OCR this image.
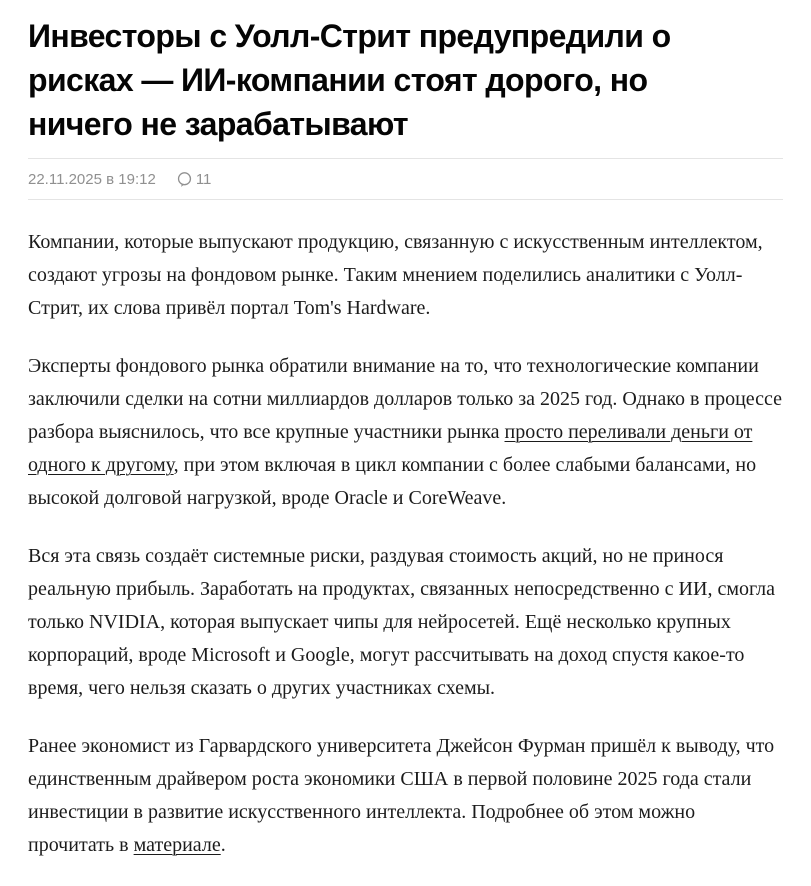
Инвесторы с Уолл-Стрит предупредили о рисках — ИИ-компании стоят дорого, но ничего не зарабатывают
22.11.2025 в 19:12	11

Компании, которые выпускают продукцию, связанную с искусственным интеллектом, создают угрозы на фондовом рынке. Таким мнением поделились аналитики с Уолл-Стрит, их слова привёл портал Tom's Hardware.

Эксперты фондового рынка обратили внимание на то, что технологические компании заключили сделки на сотни миллиардов долларов только за 2025 год. Однако в процессе разбора выяснилось, что все крупные участники рынка просто переливали деньги от одного к другому, при этом включая в цикл компании с более слабыми балансами, но высокой долговой нагрузкой, вроде Oracle и CoreWeave.

Вся эта связь создаёт системные риски, раздувая стоимость акций, но не принося реальную прибыль. Заработать на продуктах, связанных непосредственно с ИИ, смогла только NVIDIA, которая выпускает чипы для нейросетей. Ещё несколько крупных корпораций, вроде Microsoft и Google, могут рассчитывать на доход спустя какое-то время, чего нельзя сказать о других участниках схемы.

Ранее экономист из Гарвардского университета Джейсон Фурман пришёл к выводу, что единственным драйвером роста экономики США в первой половине 2025 года стали инвестиции в развитие искусственного интеллекта. Подробнее об этом можно прочитать в материале.
